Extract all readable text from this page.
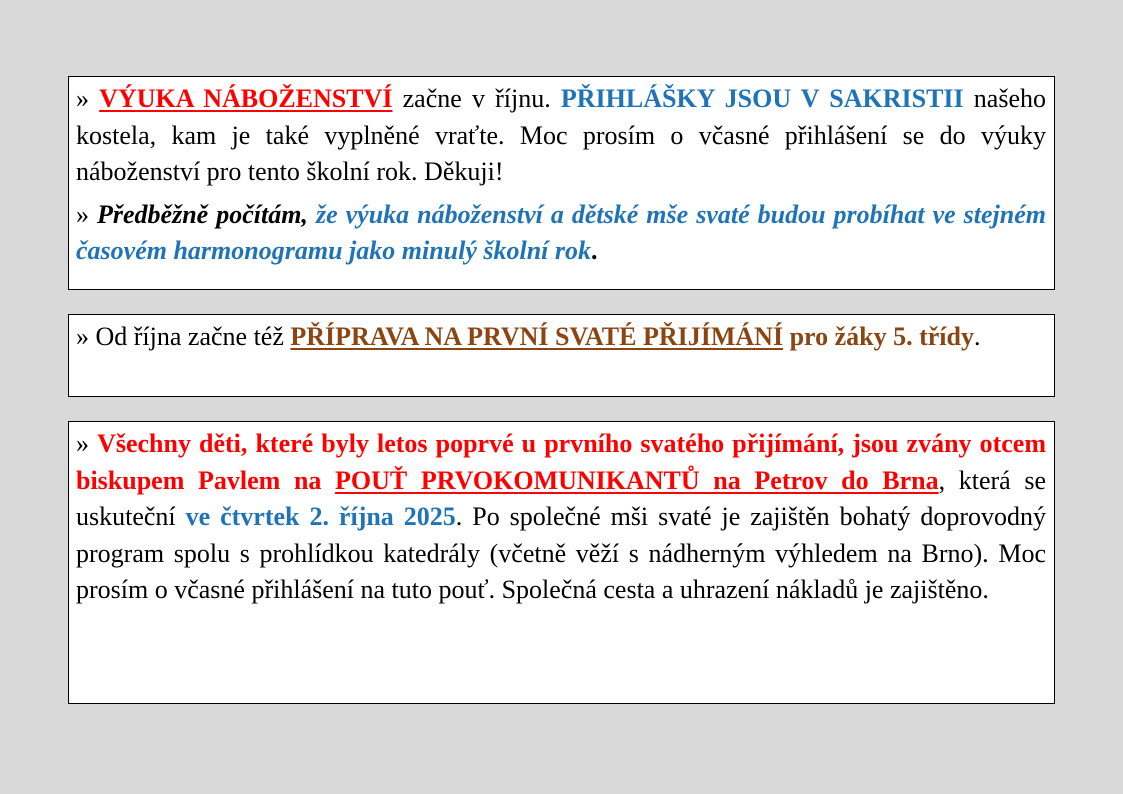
» VÝUKA NÁBOŽENSTVÍ začne v říjnu. PŘIHLÁŠKY JSOU V SAKRISTII našeho kostela, kam je také vyplněné vraťte. Moc prosím o včasné přihlášení se do výuky náboženství pro tento školní rok. Děkuji!

» Předběžně počítám, že výuka náboženství a dětské mše svaté budou probíhat ve stejném časovém harmonogramu jako minulý školní rok.

» Od října začne též PŘÍPRAVA NA PRVNÍ SVATÉ PŘIJÍMÁNÍ pro žáky 5. třídy.

» Všechny děti, které byly letos poprvé u prvního svatého přijímání, jsou zvány otcem biskupem Pavlem na POUŤ PRVOKOMUNIKANTŮ na Petrov do Brna, která se uskuteční ve čtvrtek 2. října 2025. Po společné mši svaté je zajištěn bohatý doprovodný program spolu s prohlídkou katedrály (včetně věží s nádherným výhledem na Brno). Moc prosím o včasné přihlášení na tuto pouť. Společná cesta a uhrazení nákladů je zajištěno.
